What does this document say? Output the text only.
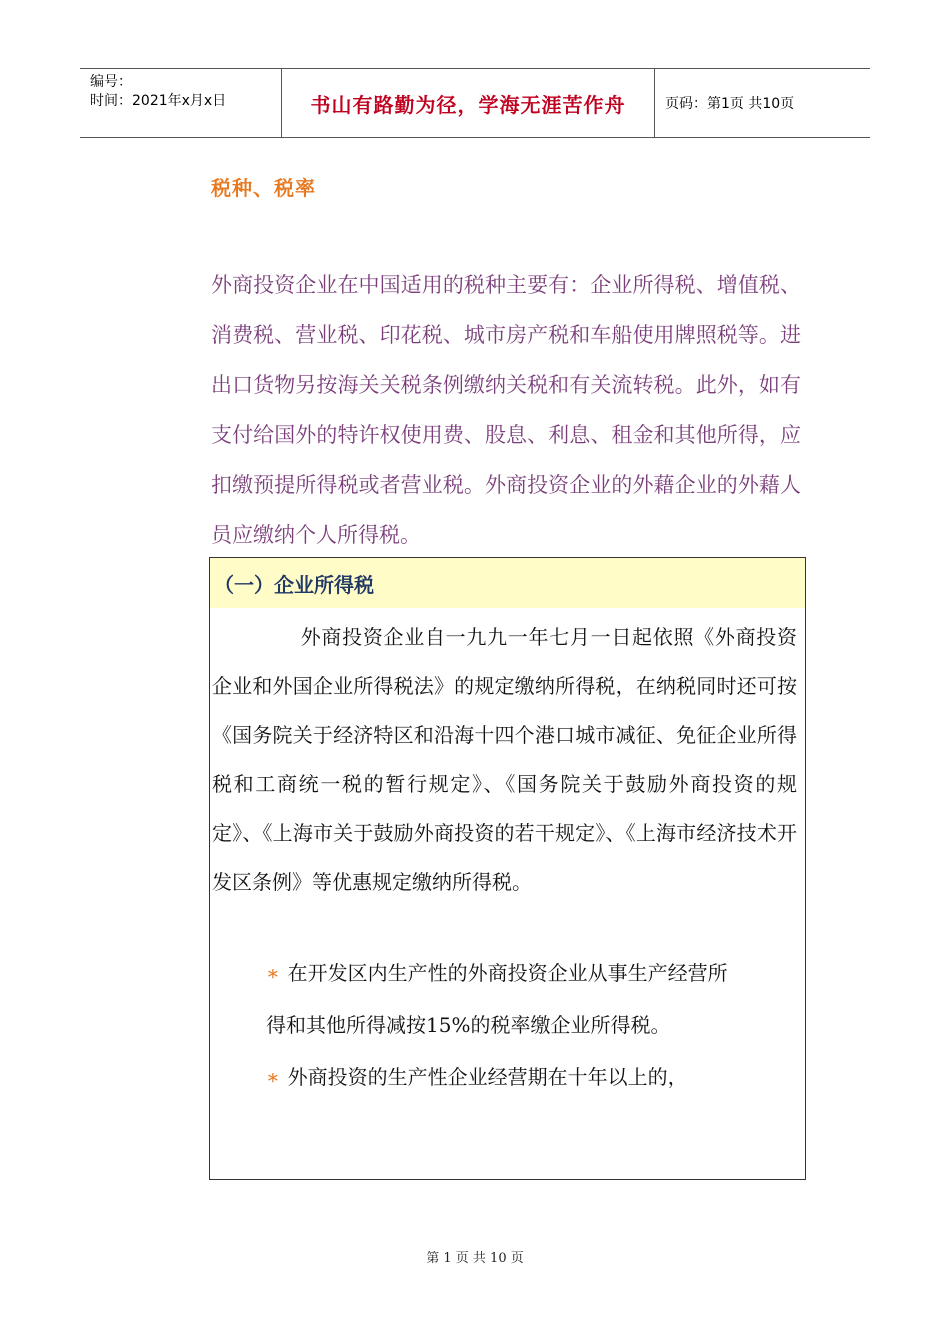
编号：
时间：2021年x月x日	书山有路勤为径，学海无涯苦作舟	页码：第1页 共10页
税种、税率
外商投资企业在中国适用的税种主要有：企业所得税、增值税、消费税、营业税、印花税、城市房产税和车船使用牌照税等。进出口货物另按海关关税条例缴纳关税和有关流转税。此外，如有支付给国外的特许权使用费、股息、利息、租金和其他所得，应扣缴预提所得税或者营业税。外商投资企业的外藉企业的外藉人员应缴纳个人所得税。
（一）企业所得税
外商投资企业自一九九一年七月一日起依照《外商投资企业和外国企业所得税法》的规定缴纳所得税，在纳税同时还可按《国务院关于经济特区和沿海十四个港口城市减征、免征企业所得税和工商统一税的暂行规定》、《国务院关于鼓励外商投资的规定》、《上海市关于鼓励外商投资的若干规定》、《上海市经济技术开发区条例》等优惠规定缴纳所得税。
∗ 在开发区内生产性的外商投资企业从事生产经营所得和其他所得减按15%的税率缴企业所得税。
∗ 外商投资的生产性企业经营期在十年以上的，
第 1 页 共 10 页
